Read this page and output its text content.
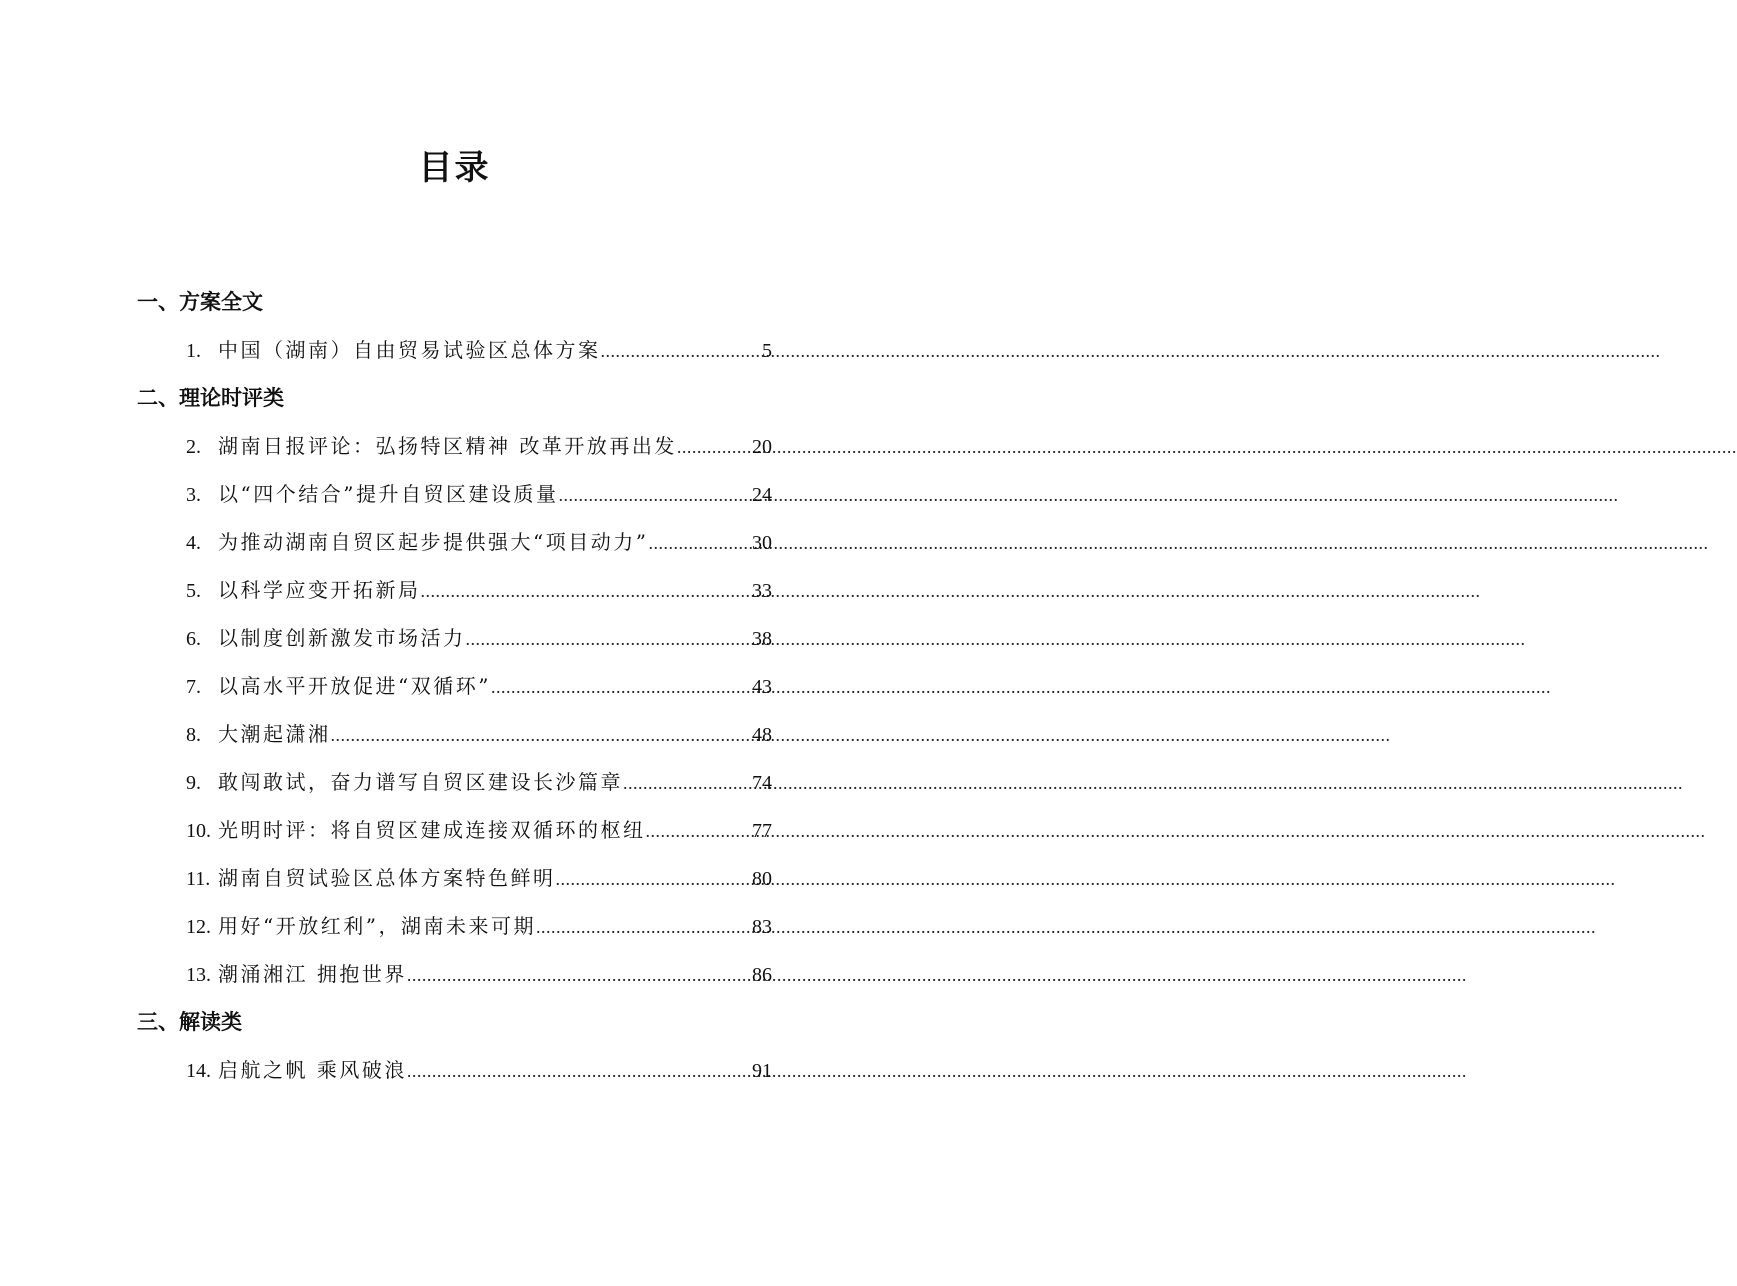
目录
一、方案全文
1. 中国（湖南）自由贸易试验区总体方案 .....	5
二、理论时评类
2. 湖南日报评论：弘扬特区精神 改革开放再出发 .....	20
3. 以“四个结合”提升自贸区建设质量 .....	24
4. 为推动湖南自贸区起步提供强大“项目动力” .....	30
5. 以科学应变开拓新局 .....	33
6. 以制度创新激发市场活力 .....	38
7. 以高水平开放促进“双循环” .....	43
8. 大潮起潇湘 .....	48
9. 敢闯敢试，奋力谱写自贸区建设长沙篇章 .....	74
10. 光明时评：将自贸区建成连接双循环的枢纽 .....	77
11. 湖南自贸试验区总体方案特色鲜明 .....	80
12. 用好“开放红利”，湖南未来可期 .....	83
13. 潮涌湘江 拥抱世界 .....	86
三、解读类
14. 启航之帆 乘风破浪 .....	91
